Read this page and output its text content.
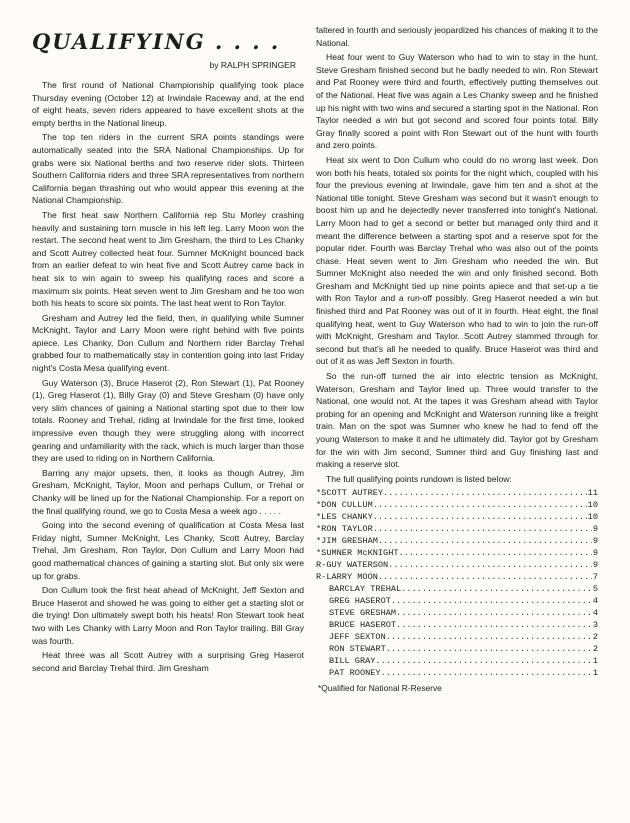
QUALIFYING . . . .
by RALPH SPRINGER

The first round of National Championship qualifying took place Thursday evening (October 12) at Irwindale Raceway and, at the end of eight heats, seven riders appeared to have excellent shots at the empty berths in the National lineup.

The top ten riders in the current SRA points standings were automatically seated into the SRA National Championships. Up for grabs were six National berths and two reserve rider slots. Thirteen Southern California riders and three SRA representatives from northern California began thrashing out who would appear this evening at the National Championship.

The first heat saw Northern California rep Stu Morley crashing heavily and sustaining torn muscle in his left leg. Larry Moon won the restart. The second heat went to Jim Gresham, the third to Les Chanky and Scott Autrey collected heat four. Sumner McKnight bounced back from an earlier defeat to win heat five and Scott Autrey came back in heat six to win again to sweep his qualifying races and score a maximum six points. Heat seven went to Jim Gresham and he too won both his heats to score six points. The last heat went to Ron Taylor.

Gresham and Autrey led the field, then, in qualifying while Sumner McKnight, Taylor and Larry Moon were right behind with five points apiece. Les Chanky, Don Cullum and Northern rider Barclay Trehal grabbed four to mathematically stay in contention going into last Friday night's Costa Mesa qualifying event.

Guy Waterson (3), Bruce Haserot (2), Ron Stewart (1), Pat Rooney (1), Greg Haserot (1), Billy Gray (0) and Steve Gresham (0) have only very slim chances of gaining a National starting spot due to their low totals. Rooney and Trehal, riding at Irwindale for the first time, looked impressive even though they were struggling along with incorrect gearing and unfamiliarity with the rack, which is much larger than those they are used to riding on in Northern California.

Barring any major upsets, then, it looks as though Autrey, Jim Gresham, McKnight, Taylor, Moon and perhaps Cullum, or Trehal or Chanky will be lined up for the National Championship. For a report on the final qualifying round, we go to Costa Mesa a week ago . . . . .

Going into the second evening of qualification at Costa Mesa last Friday night, Sumner McKnight, Les Chanky, Scott Autrey, Barclay Trehal, Jim Gresham, Ron Taylor, Don Cullum and Larry Moon had good mathematical chances of gaining a starting slot. But only six were up for grabs.

Don Cullum took the first heat ahead of McKnight, Jeff Sexton and Bruce Haserot and showed he was going to either get a starting slot or die trying! Don ultimately swept both his heats! Ron Stewart took heat two with Les Chanky with Larry Moon and Ron Taylor trailing. Bill Gray was fourth.

Heat three was all Scott Autrey with a surprising Greg Haserot second and Barclay Trehal third. Jim Gresham

faltered in fourth and seriously jeopardized his chances of making it to the National.

Heat four went to Guy Waterson who had to win to stay in the hunt. Steve Gresham finished second but he badly needed to win. Ron Stewart and Pat Rooney were third and fourth, effectively putting themselves out of the National. Heat five was again a Les Chanky sweep and he finished up his night with two wins and secured a starting spot in the National. Ron Taylor needed a win but got second and scored four points total. Billy Gray finally scored a point with Ron Stewart out of the hunt with fourth and zero points.

Heat six went to Don Cullum who could do no wrong last week. Don won both his heats, totaled six points for the night which, coupled with his four the previous evening at Irwindale, gave him ten and a shot at the National title tonight. Steve Gresham was second but it wasn't enough to boost him up and he dejectedly never transferred into tonight's National. Larry Moon had to get a second or better but managed only third and it meant the difference between a starting spot and a reserve spot for the popular rider. Fourth was Barclay Trehal who was also out of the points chase. Heat seven went to Jim Gresham who needed the win. But Sumner McKnight also needed the win and only finished second. Both Gresham and McKnight tied up nine points apiece and that set-up a tie with Ron Taylor and a run-off possibly. Greg Haserot needed a win but finished third and Pat Rooney was out of it in fourth. Heat eight, the final qualifying heat, went to Guy Waterson who had to win to join the run-off with McKnight, Gresham and Taylor. Scott Autrey slammed through for second but that's all he needed to qualify. Bruce Haserot was third and out of it as was Jeff Sexton in fourth.

So the run-off turned the air into electric tension as McKnight, Waterson, Gresham and Taylor lined up. Three would transfer to the National, one would not. At the tapes it was Gresham ahead with Taylor probing for an opening and McKnight and Waterson running like a freight train. Man on the spot was Sumner who knew he had to fend off the young Waterson to make it and he ultimately did. Taylor got by Gresham for the win with Jim second, Sumner third and Guy finishing last and making a reserve slot.

The full qualifying points rundown is listed below:

*SCOTT AUTREY .....	11
*DON CULLUM .....	10
*LES CHANKY .....	10
*RON TAYLOR .....	9
*JIM GRESHAM .....	9
*SUMNER McKNIGHT .....	9
R-GUY WATERSON .....	9
R-LARRY MOON .....	7
BARCLAY TREHAL .....	5
GREG HASEROT .....	4
STEVE GRESHAM .....	4
BRUCE HASEROT .....	3
JEFF SEXTON .....	2
RON STEWART .....	2
BILL GRAY .....	1
PAT ROONEY .....	1
*Qualified for National R-Reserve
